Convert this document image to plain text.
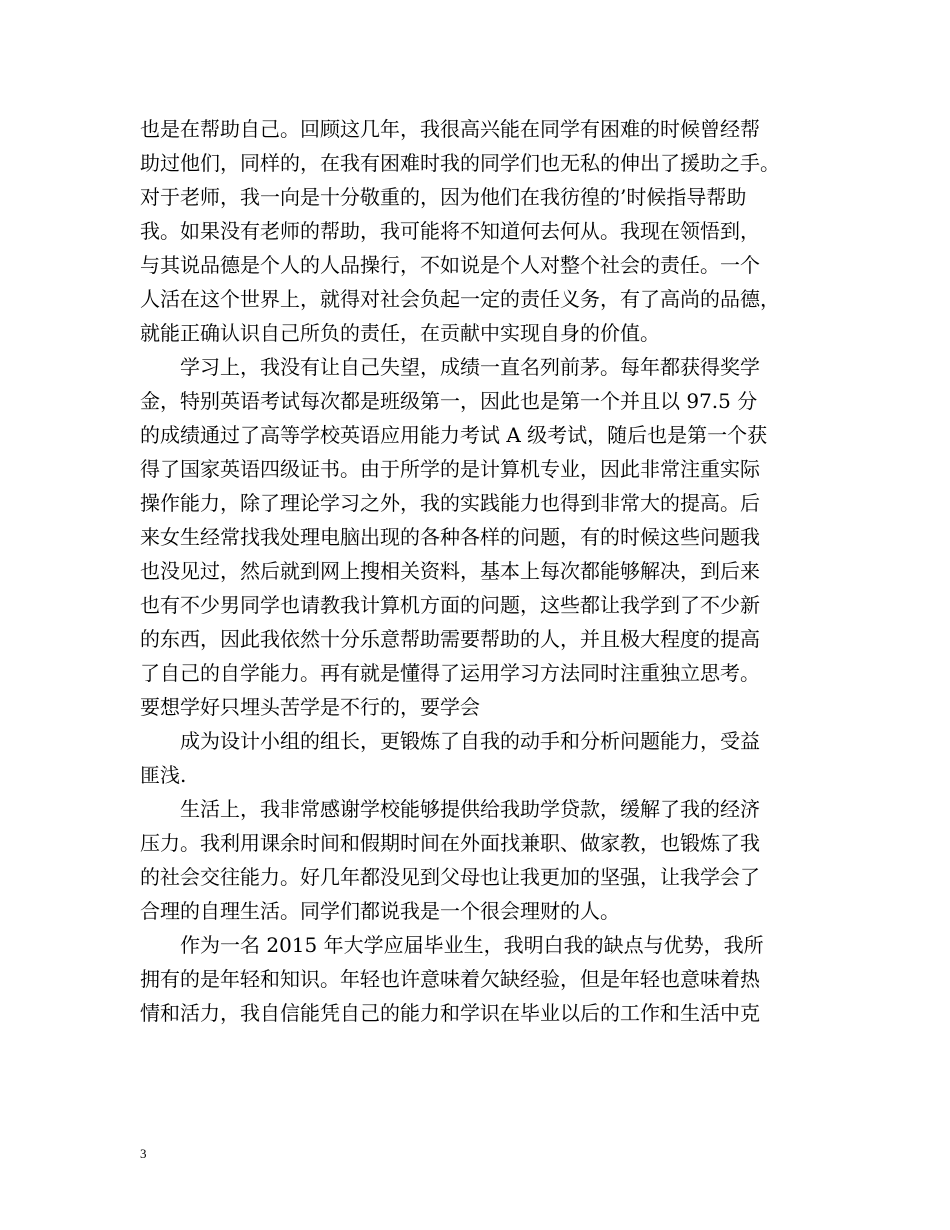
也是在帮助自己。回顾这几年，我很高兴能在同学有困难的时候曾经帮
助过他们，同样的，在我有困难时我的同学们也无私的伸出了援助之手。
对于老师，我一向是十分敬重的，因为他们在我彷徨的’时候指导帮助
我。如果没有老师的帮助，我可能将不知道何去何从。我现在领悟到，
与其说品德是个人的人品操行，不如说是个人对整个社会的责任。一个
人活在这个世界上，就得对社会负起一定的责任义务，有了高尚的品德，
就能正确认识自己所负的责任，在贡献中实现自身的价值。
学习上，我没有让自己失望，成绩一直名列前茅。每年都获得奖学
金，特别英语考试每次都是班级第一，因此也是第一个并且以 97.5 分
的成绩通过了高等学校英语应用能力考试 A 级考试，随后也是第一个获
得了国家英语四级证书。由于所学的是计算机专业，因此非常注重实际
操作能力，除了理论学习之外，我的实践能力也得到非常大的提高。后
来女生经常找我处理电脑出现的各种各样的问题，有的时候这些问题我
也没见过，然后就到网上搜相关资料，基本上每次都能够解决，到后来
也有不少男同学也请教我计算机方面的问题，这些都让我学到了不少新
的东西，因此我依然十分乐意帮助需要帮助的人，并且极大程度的提高
了自己的自学能力。再有就是懂得了运用学习方法同时注重独立思考。
要想学好只埋头苦学是不行的，要学会
成为设计小组的组长，更锻炼了自我的动手和分析问题能力，受益
匪浅.
生活上，我非常感谢学校能够提供给我助学贷款，缓解了我的经济
压力。我利用课余时间和假期时间在外面找兼职、做家教，也锻炼了我
的社会交往能力。好几年都没见到父母也让我更加的坚强，让我学会了
合理的自理生活。同学们都说我是一个很会理财的人。
作为一名 2015 年大学应届毕业生，我明白我的缺点与优势，我所
拥有的是年轻和知识。年轻也许意味着欠缺经验，但是年轻也意味着热
情和活力，我自信能凭自己的能力和学识在毕业以后的工作和生活中克
3
